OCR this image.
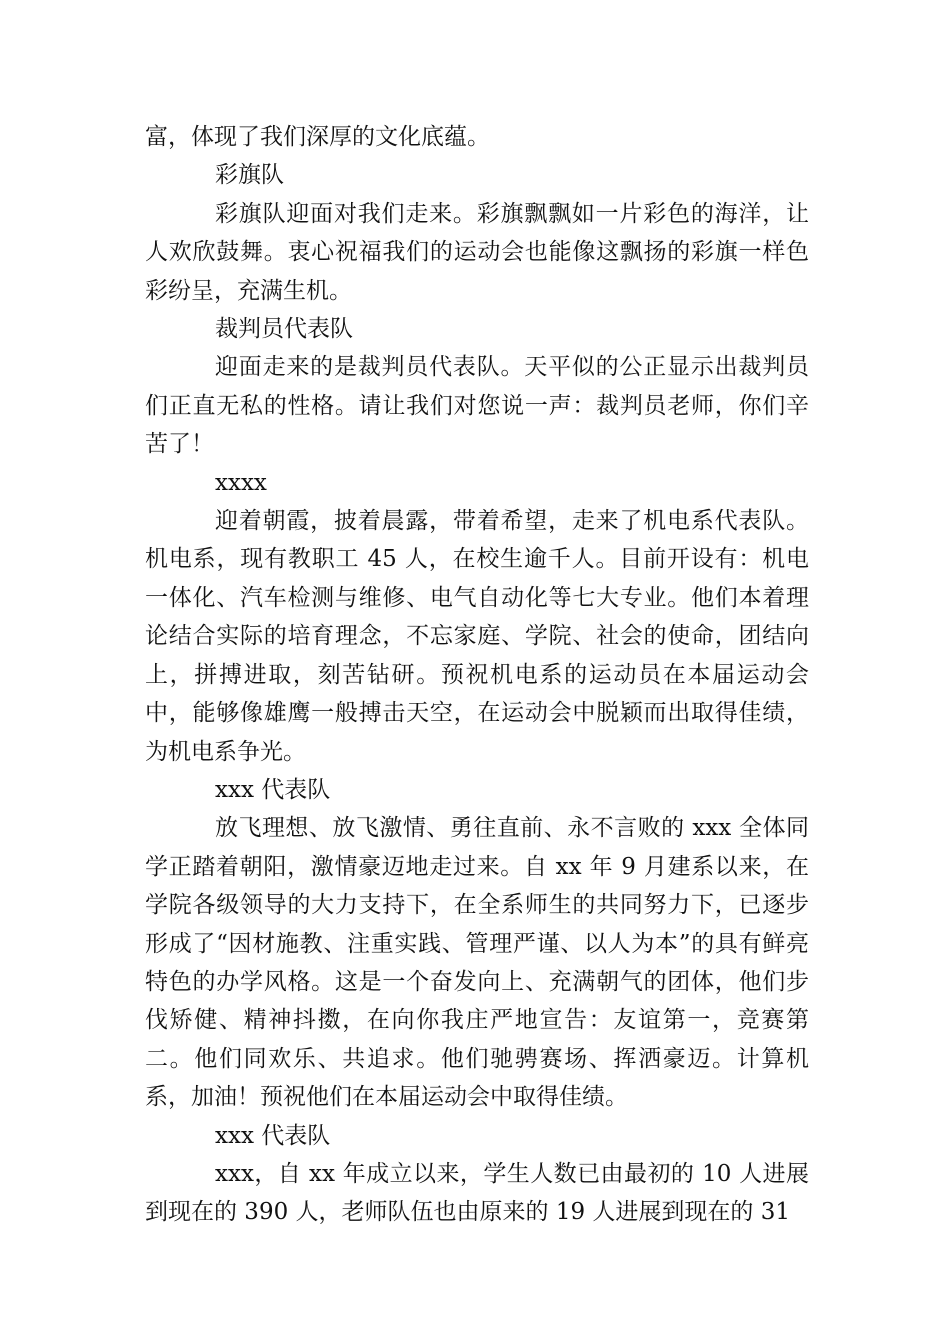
富，体现了我们深厚的文化底蕴。

彩旗队

彩旗队迎面对我们走来。彩旗飘飘如一片彩色的海洋，让人欢欣鼓舞。衷心祝福我们的运动会也能像这飘扬的彩旗一样色彩纷呈，充满生机。

裁判员代表队

迎面走来的是裁判员代表队。天平似的公正显示出裁判员们正直无私的性格。请让我们对您说一声：裁判员老师，你们辛苦了！

xxxx

迎着朝霞，披着晨露，带着希望，走来了机电系代表队。机电系，现有教职工 45 人，在校生逾千人。目前开设有：机电一体化、汽车检测与维修、电气自动化等七大专业。他们本着理论结合实际的培育理念，不忘家庭、学院、社会的使命，团结向上，拼搏进取，刻苦钻研。预祝机电系的运动员在本届运动会中，能够像雄鹰一般搏击天空，在运动会中脱颖而出取得佳绩，为机电系争光。

xxx 代表队

放飞理想、放飞激情、勇往直前、永不言败的 xxx 全体同学正踏着朝阳，激情豪迈地走过来。自 xx 年 9 月建系以来，在学院各级领导的大力支持下，在全系师生的共同努力下，已逐步形成了“因材施教、注重实践、管理严谨、以人为本”的具有鲜亮特色的办学风格。这是一个奋发向上、充满朝气的团体，他们步伐矫健、精神抖擞，在向你我庄严地宣告：友谊第一，竞赛第二。他们同欢乐、共追求。他们驰骋赛场、挥洒豪迈。计算机系，加油！预祝他们在本届运动会中取得佳绩。

xxx 代表队

xxx，自 xx 年成立以来，学生人数已由最初的 10 人进展到现在的 390 人，老师队伍也由原来的 19 人进展到现在的 31
